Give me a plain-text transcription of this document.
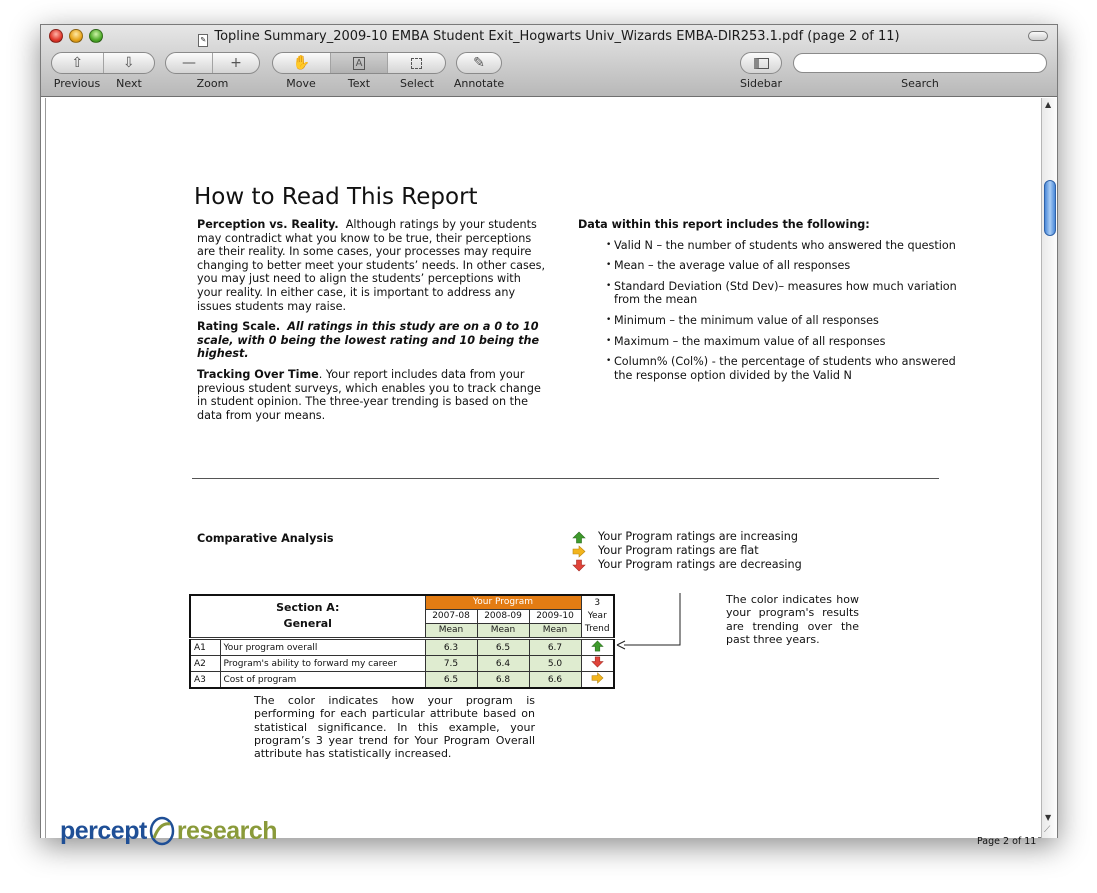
✎ Topline Summary_2009-10 EMBA Student Exit_Hogwarts Univ_Wizards EMBA-DIR253.1.pdf (page 2 of 11)
⇧	⇩
Previous	Next
— +
Zoom
✋	A
Move	Text	Select
✎
Annotate	Sidebar	Search
How to Read This Report

Perception vs. Reality. Although ratings by your students may contradict what you know to be true, their perceptions are their reality. In some cases, your processes may require changing to better meet your students’ needs. In other cases, you may just need to align the students’ perceptions with your reality. In either case, it is important to address any issues students may raise.

Rating Scale. All ratings in this study are on a 0 to 10 scale, with 0 being the lowest rating and 10 being the highest.

Tracking Over Time. Your report includes data from your previous student surveys, which enables you to track change in student opinion. The three-year trending is based on the data from your means.

Data within this report includes the following:
• Valid N – the number of students who answered the question
• Mean – the average value of all responses
• Standard Deviation (Std Dev)– measures how much variation from the mean
• Minimum – the minimum value of all responses
• Maximum – the maximum value of all responses
• Column% (Col%) - the percentage of students who answered the response option divided by the Valid N
Comparative Analysis	Your Program ratings are increasing
Your Program ratings are flat
Your Program ratings are decreasing
Section A:
General	Your Program			3 Year
Trend
	2007-08	2008-09	2009-10	
	Mean	Mean	Mean	
A1	Your program overall	6.3	6.5	6.7	
A2	Program's ability to forward my career	7.5	6.4	5.0	
A3	Cost of program	6.5	6.8	6.6	
The color indicates how your program's results are trending over the past three years.
The color indicates how your program is performing for each particular attribute based on statistical significance. In this example, your program’s 3 year trend for Your Program Overall attribute has statistically increased.
percept research	Page 2 of 11
▲
▼
⟋
